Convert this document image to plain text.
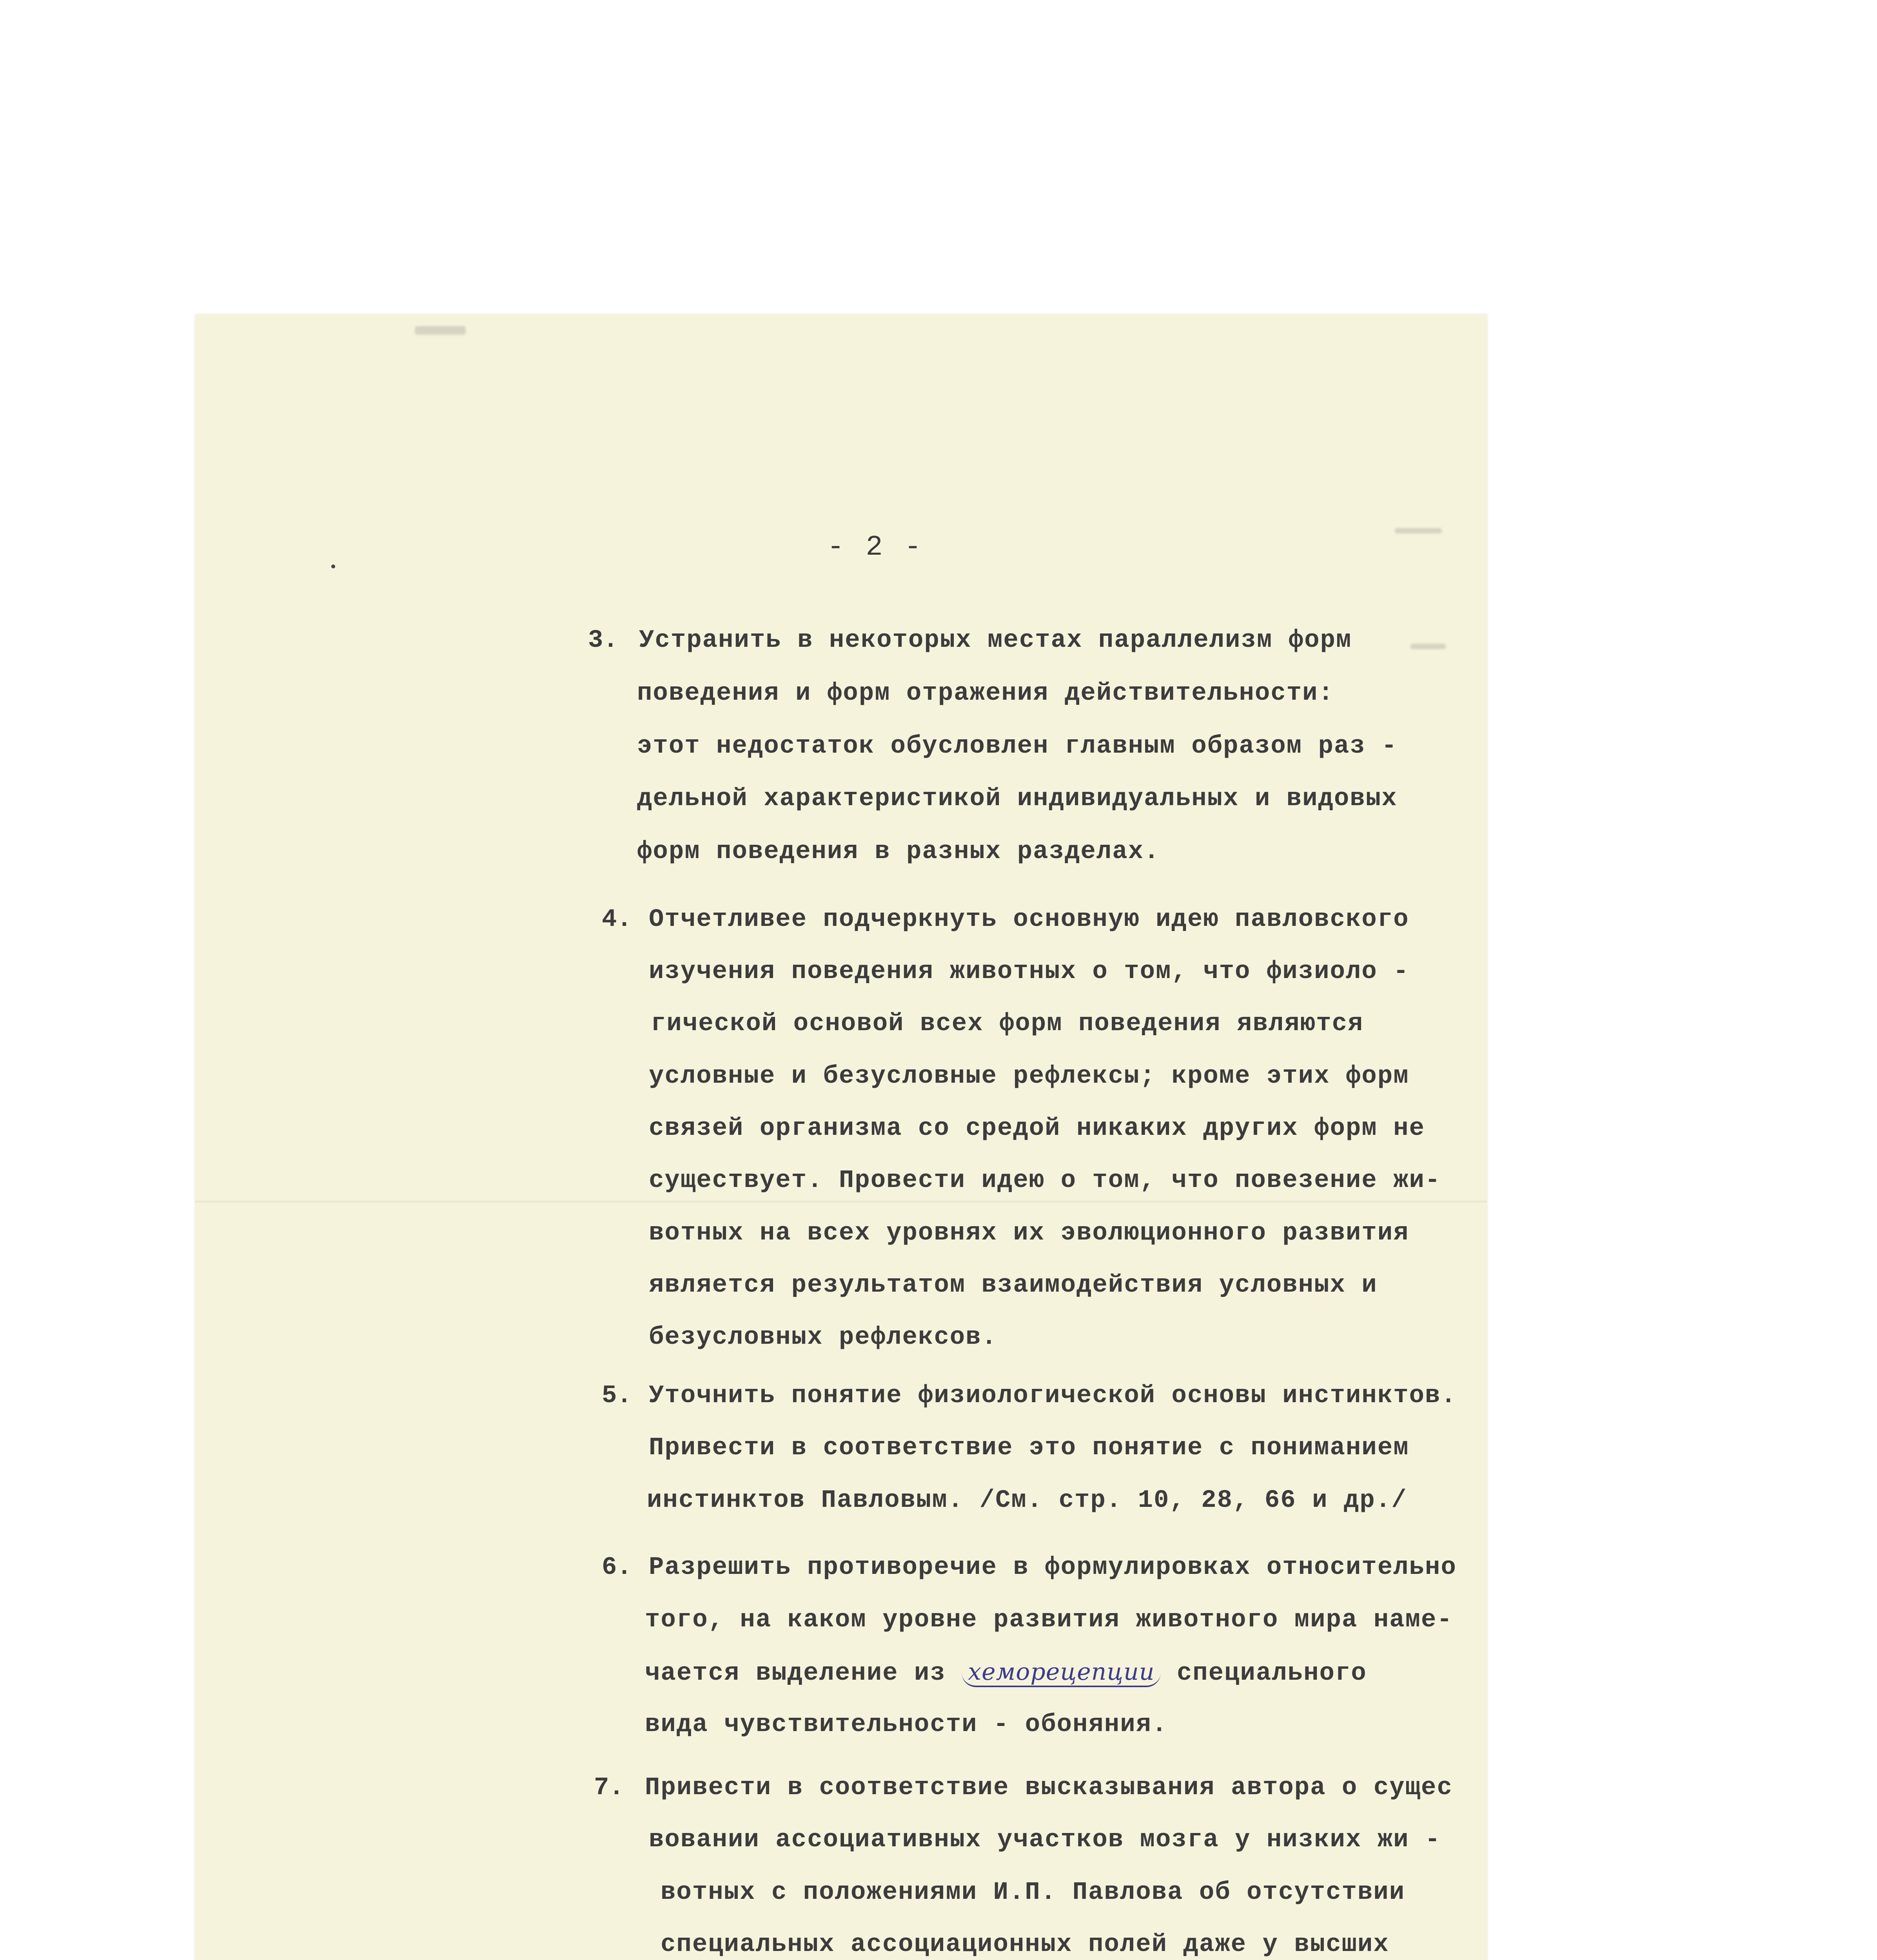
- 2 -
3. Устранить в некоторых местах параллелизм форм
поведения и форм отражения действительности:
этот недостаток обусловлен главным образом раз -
дельной характеристикой индивидуальных и видовых
форм поведения в разных разделах.
4. Отчетливее подчеркнуть основную идею павловского
изучения поведения животных о том, что физиоло -
гической основой всех форм поведения являются
условные и безусловные рефлексы; кроме этих форм
связей организма со средой никаких других форм не
существует. Провести идею о том, что повезение жи-
вотных на всех уровнях их эволюционного развития
является результатом взаимодействия условных и
безусловных рефлексов.
5. Уточнить понятие физиологической основы инстинктов.
Привести в соответствие это понятие с пониманием
инстинктов Павловым. /См. стр. 10, 28, 66 и др./
6. Разрешить противоречие в формулировках относительно
того, на каком уровне развития животного мира наме-
чается выделение из хеморецепции специального
вида чувствительности - обоняния.
7. Привести в соответствие высказывания автора о сущес
вовании ассоциативных участков мозга у низких жи -
вотных с положениями И.П. Павлова об отсутствии
специальных ассоциационных полей даже у высших
